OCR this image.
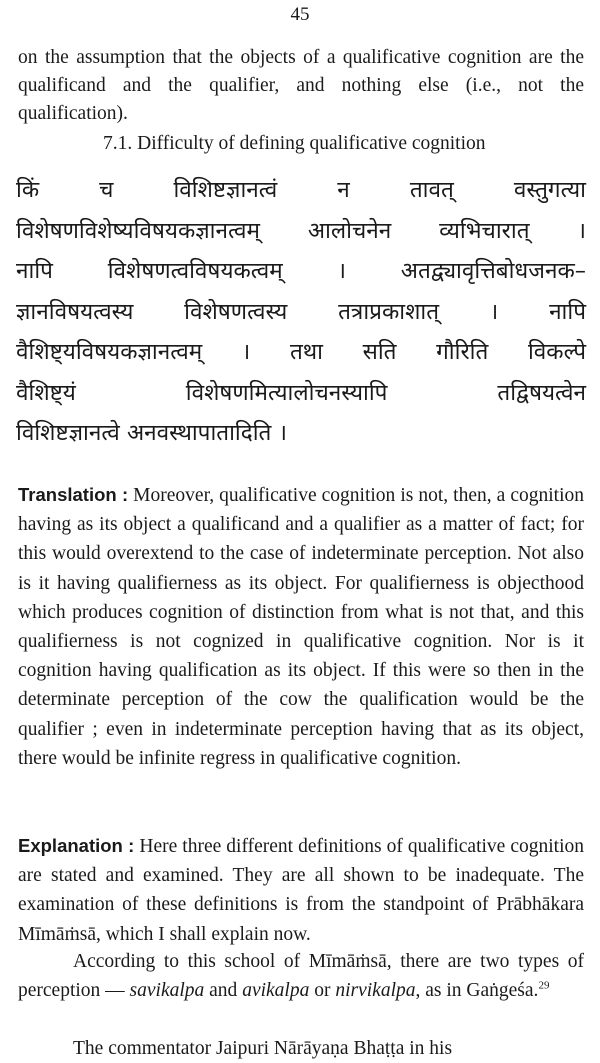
45
on the assumption that the objects of a qualificative cognition are the qualificand and the qualifier, and nothing else (i.e., not the qualification).
7.1. Difficulty of defining qualificative cognition
किं च विशिष्टज्ञानत्वं न तावत् वस्तुगत्या
विशेषणविशेष्यविषयकज्ञानत्वम् आलोचनेन व्यभिचारात् ।
नापि विशेषणत्वविषयकत्वम् । अतद्व्यावृत्तिबोधजनक–
ज्ञानविषयत्वस्य विशेषणत्वस्य तत्राप्रकाशात् । नापि
वैशिष्ट्यविषयकज्ञानत्वम् । तथा सति गौरिति विकल्पे
वैशिष्ट्यं विशेषणमित्यालोचनस्यापि तद्विषयत्वेन
विशिष्टज्ञानत्वे अनवस्थापातादिति ।
Translation : Moreover, qualificative cognition is not, then, a cognition having as its object a qualificand and a qualifier as a matter of fact; for this would overextend to the case of indeterminate perception. Not also is it having qualifierness as its object. For qualifierness is objecthood which produces cognition of distinction from what is not that, and this qualifierness is not cognized in qualificative cognition. Nor is it cognition having qualification as its object. If this were so then in the determinate perception of the cow the qualification would be the qualifier ; even in indeterminate perception having that as its object, there would be infinite regress in qualificative cognition.
Explanation : Here three different definitions of qualificative cognition are stated and examined. They are all shown to be inadequate. The examination of these definitions is from the standpoint of Prābhākara Mīmāṁsā, which I shall explain now.
According to this school of Mīmāṁsā, there are two types of perception — savikalpa and avikalpa or nirvikalpa, as in Gaṅgeśa.$^{29}$
The commentator Jaipuri Nārāyaṇa Bhaṭṭa in his
